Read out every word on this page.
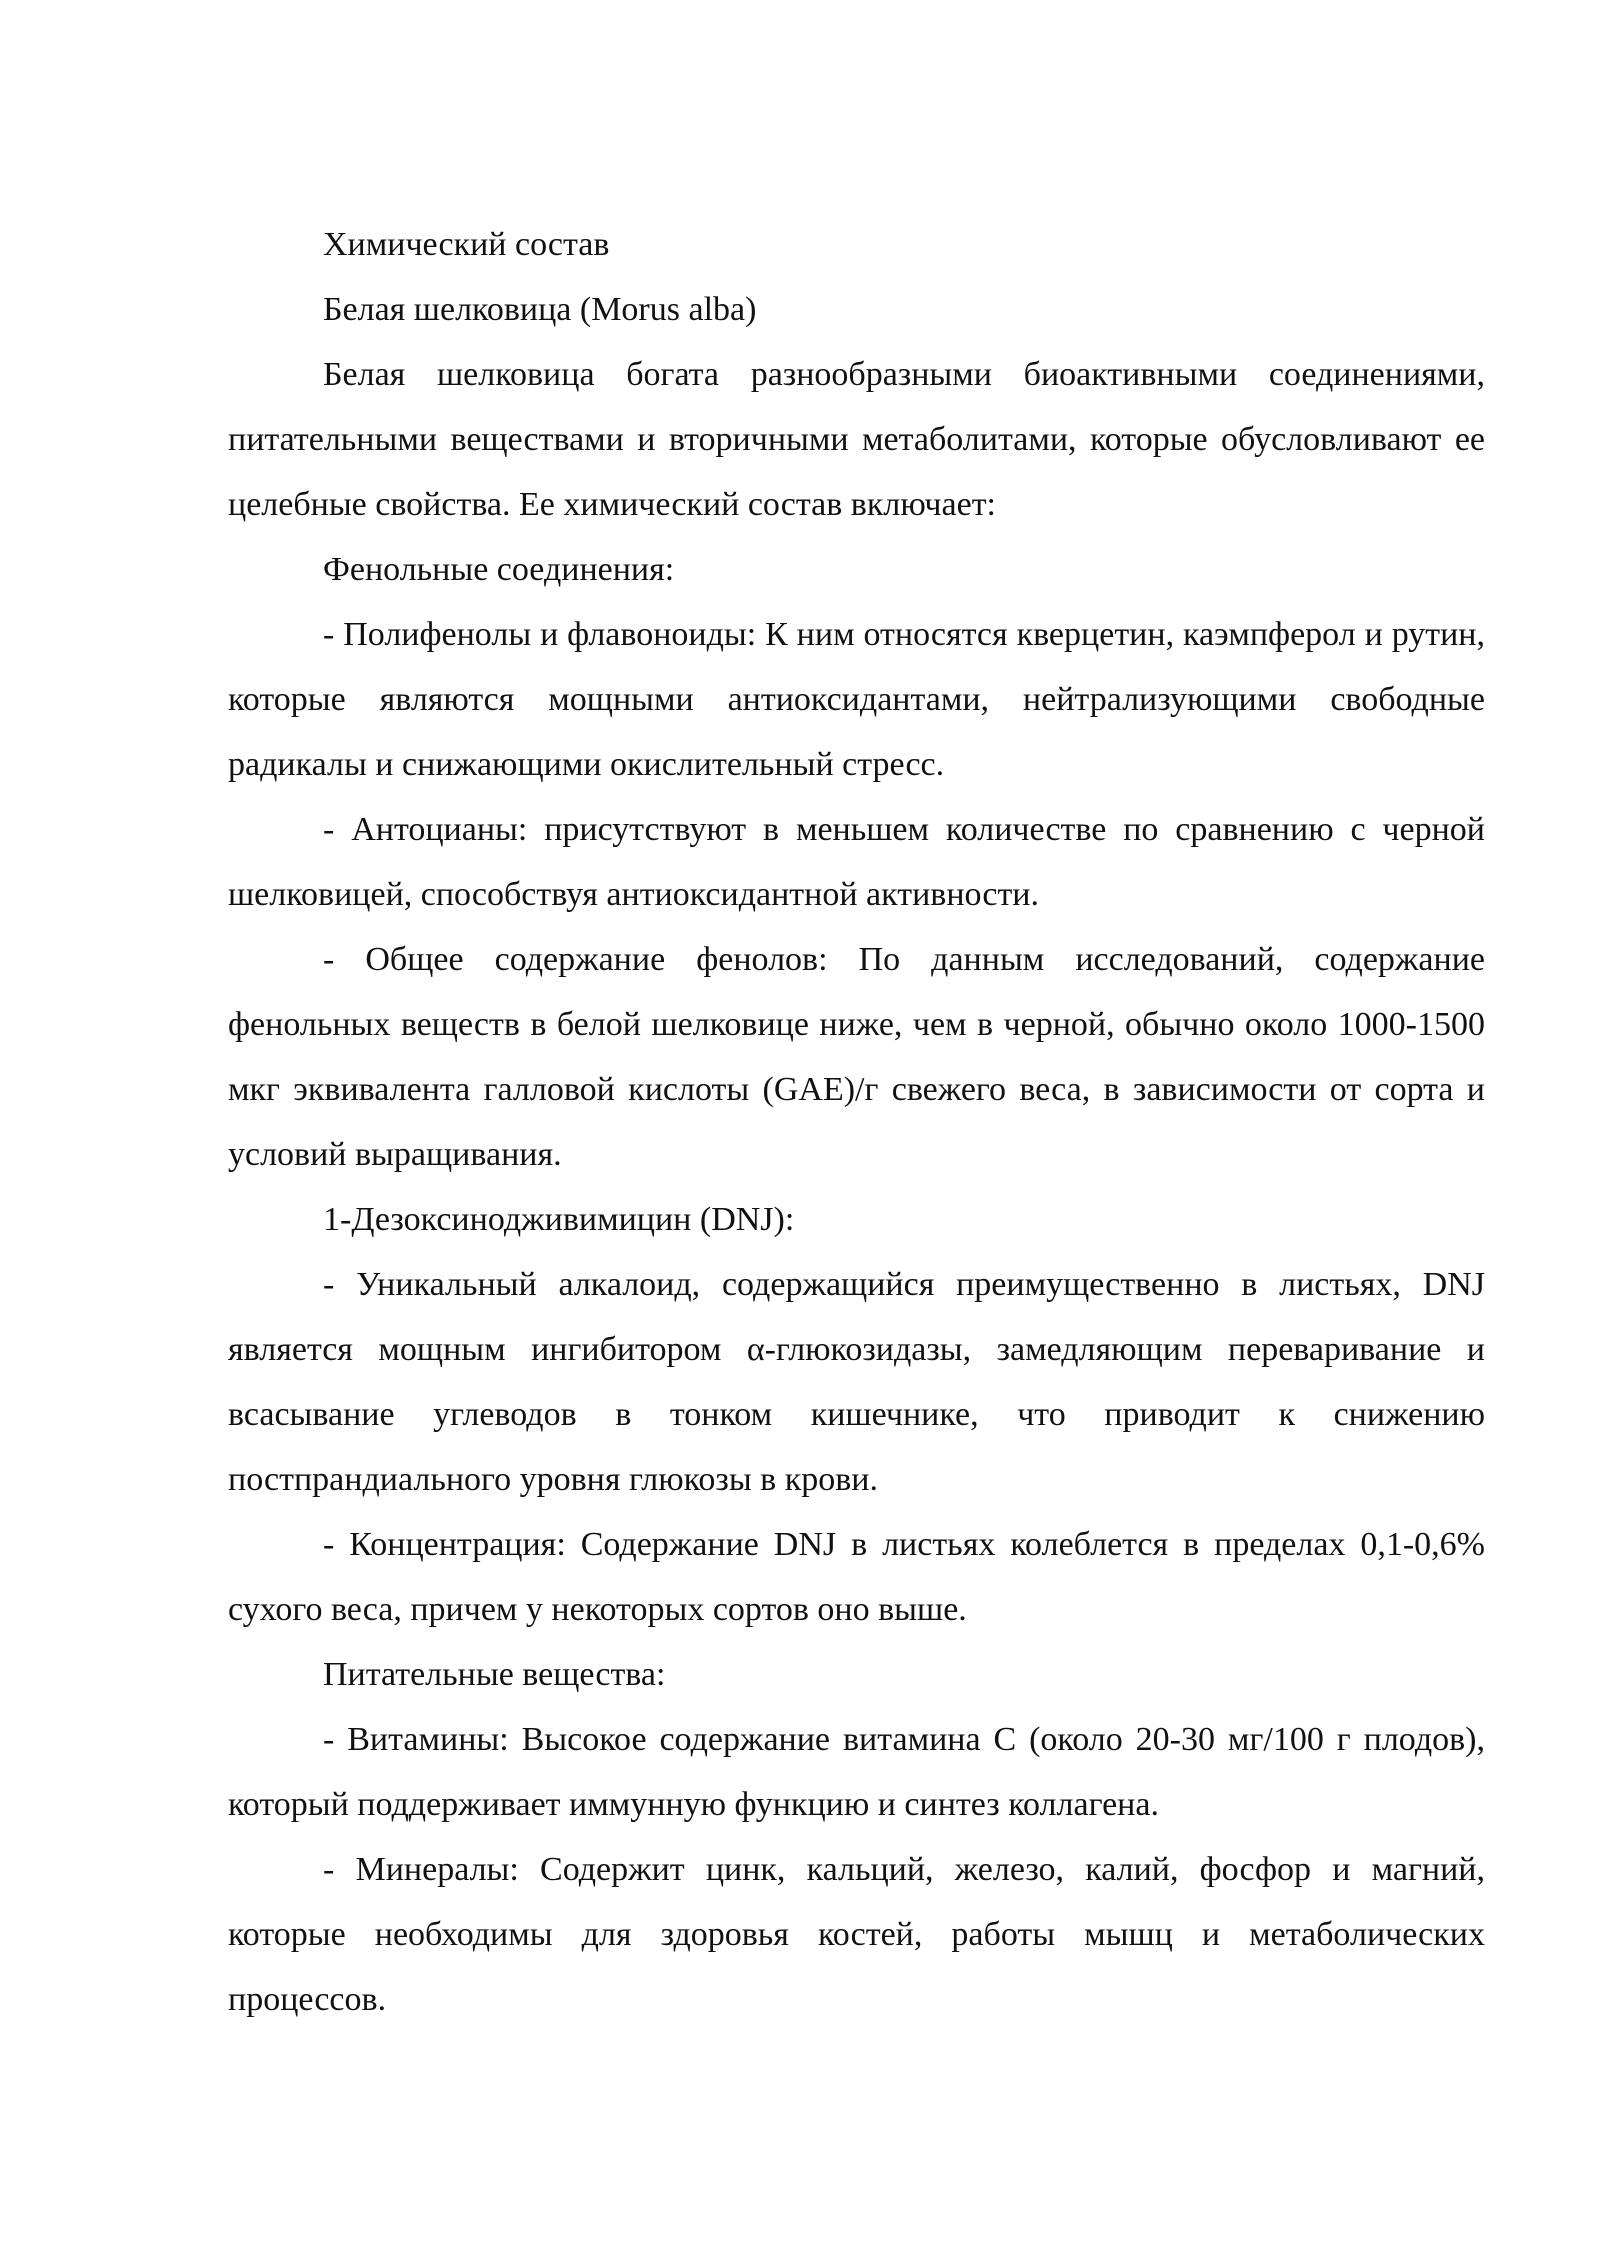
Химический состав

Белая шелковица (Morus alba)

Белая шелковица богата разнообразными биоактивными соединениями, питательными веществами и вторичными метаболитами, которые обусловливают ее целебные свойства. Ее химический состав включает:

Фенольные соединения:

- Полифенолы и флавоноиды: К ним относятся кверцетин, каэмпферол и рутин, которые являются мощными антиоксидантами, нейтрализующими свободные радикалы и снижающими окислительный стресс.

- Антоцианы: присутствуют в меньшем количестве по сравнению с черной шелковицей, способствуя антиоксидантной активности.

- Общее содержание фенолов: По данным исследований, содержание фенольных веществ в белой шелковице ниже, чем в черной, обычно около 1000-1500 мкг эквивалента галловой кислоты (GAE)/г свежего веса, в зависимости от сорта и условий выращивания.

1-Дезоксинодживимицин (DNJ):

- Уникальный алкалоид, содержащийся преимущественно в листьях, DNJ является мощным ингибитором α-глюкозидазы, замедляющим переваривание и всасывание углеводов в тонком кишечнике, что приводит к снижению постпрандиального уровня глюкозы в крови.

- Концентрация: Содержание DNJ в листьях колеблется в пределах 0,1-0,6% сухого веса, причем у некоторых сортов оно выше.

Питательные вещества:

- Витамины: Высокое содержание витамина C (около 20-30 мг/100 г плодов), который поддерживает иммунную функцию и синтез коллагена.

- Минералы: Содержит цинк, кальций, железо, калий, фосфор и магний, которые необходимы для здоровья костей, работы мышц и метаболических процессов.
